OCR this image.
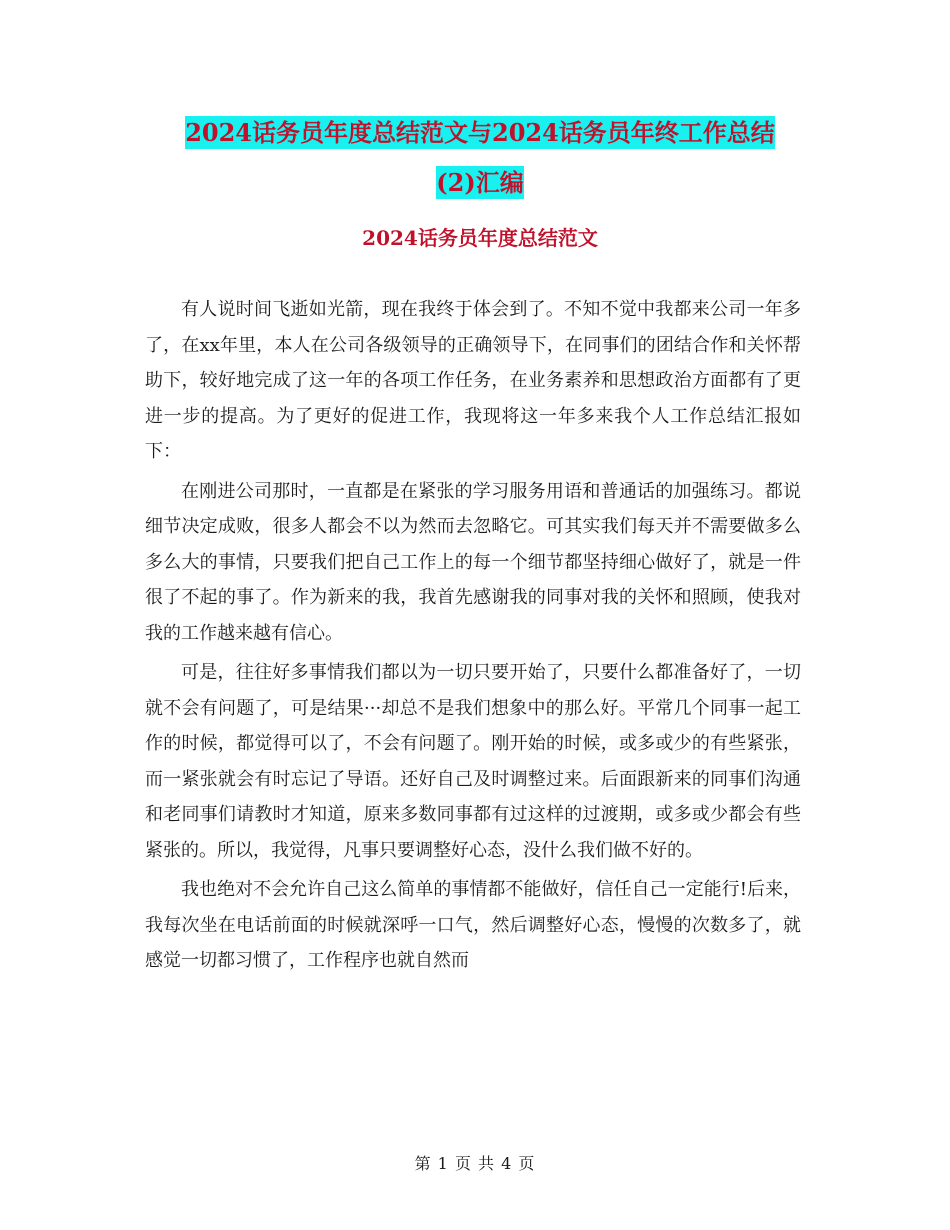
2024话务员年度总结范文与2024话务员年终工作总结
(2)汇编
2024话务员年度总结范文

有人说时间飞逝如光箭，现在我终于体会到了。不知不觉中我都来公司一年多了，在xx年里，本人在公司各级领导的正确领导下，在同事们的团结合作和关怀帮助下，较好地完成了这一年的各项工作任务，在业务素养和思想政治方面都有了更进一步的提高。为了更好的促进工作，我现将这一年多来我个人工作总结汇报如下：

在刚进公司那时，一直都是在紧张的学习服务用语和普通话的加强练习。都说细节决定成败，很多人都会不以为然而去忽略它。可其实我们每天并不需要做多么多么大的事情，只要我们把自己工作上的每一个细节都坚持细心做好了，就是一件很了不起的事了。作为新来的我，我首先感谢我的同事对我的关怀和照顾，使我对我的工作越来越有信心。

可是，往往好多事情我们都以为一切只要开始了，只要什么都准备好了，一切就不会有问题了，可是结果···却总不是我们想象中的那么好。平常几个同事一起工作的时候，都觉得可以了，不会有问题了。刚开始的时候，或多或少的有些紧张，而一紧张就会有时忘记了导语。还好自己及时调整过来。后面跟新来的同事们沟通和老同事们请教时才知道，原来多数同事都有过这样的过渡期，或多或少都会有些紧张的。所以，我觉得，凡事只要调整好心态，没什么我们做不好的。

我也绝对不会允许自己这么简单的事情都不能做好，信任自己一定能行!后来，我每次坐在电话前面的时候就深呼一口气，然后调整好心态，慢慢的次数多了，就感觉一切都习惯了，工作程序也就自然而

第 1 页 共 4 页
